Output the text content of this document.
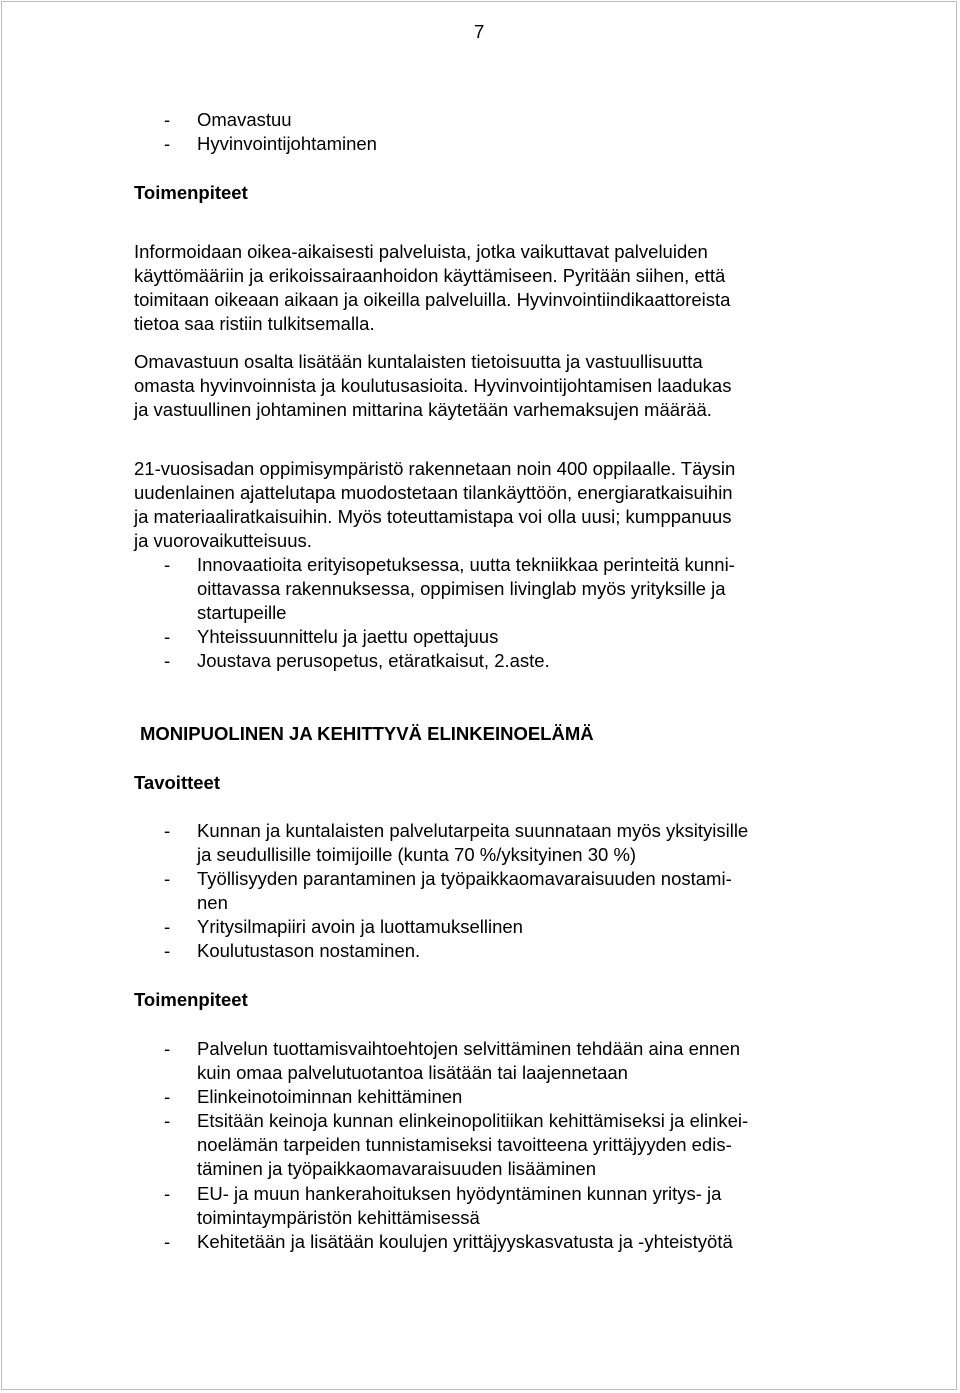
7
- Omavastuu
- Hyvinvointijohtaminen
Toimenpiteet
Informoidaan oikea-aikaisesti palveluista, jotka vaikuttavat palveluiden
käyttömääriin ja erikoissairaanhoidon käyttämiseen. Pyritään siihen, että
toimitaan oikeaan aikaan ja oikeilla palveluilla. Hyvinvointiindikaattoreista
tietoa saa ristiin tulkitsemalla.
Omavastuun osalta lisätään kuntalaisten tietoisuutta ja vastuullisuutta
omasta hyvinvoinnista ja koulutusasioita. Hyvinvointijohtamisen laadukas
ja vastuullinen johtaminen mittarina käytetään varhemaksujen määrää.
21-vuosisadan oppimisympäristö rakennetaan noin 400 oppilaalle. Täysin
uudenlainen ajattelutapa muodostetaan tilankäyttöön, energiaratkaisuihin
ja materiaaliratkaisuihin. Myös toteuttamistapa voi olla uusi; kumppanuus
ja vuorovaikutteisuus.
- Innovaatioita erityisopetuksessa, uutta tekniikkaa perinteitä kunni-
oittavassa rakennuksessa, oppimisen livinglab myös yrityksille ja
startupeille
- Yhteissuunnittelu ja jaettu opettajuus
- Joustava perusopetus, etäratkaisut, 2.aste.
MONIPUOLINEN JA KEHITTYVÄ ELINKEINOELÄMÄ
Tavoitteet
- Kunnan ja kuntalaisten palvelutarpeita suunnataan myös yksityisille
ja seudullisille toimijoille (kunta 70 %/yksityinen 30 %)
- Työllisyyden parantaminen ja työpaikkaomavaraisuuden nostami-
nen
- Yritysilmapiiri avoin ja luottamuksellinen
- Koulutustason nostaminen.
Toimenpiteet
- Palvelun tuottamisvaihtoehtojen selvittäminen tehdään aina ennen
kuin omaa palvelutuotantoa lisätään tai laajennetaan
- Elinkeinotoiminnan kehittäminen
- Etsitään keinoja kunnan elinkeinopolitiikan kehittämiseksi ja elinkei-
noelämän tarpeiden tunnistamiseksi tavoitteena yrittäjyyden edis-
täminen ja työpaikkaomavaraisuuden lisääminen
- EU- ja muun hankerahoituksen hyödyntäminen kunnan yritys- ja
toimintaympäristön kehittämisessä
- Kehitetään ja lisätään koulujen yrittäjyyskasvatusta ja -yhteistyötä
